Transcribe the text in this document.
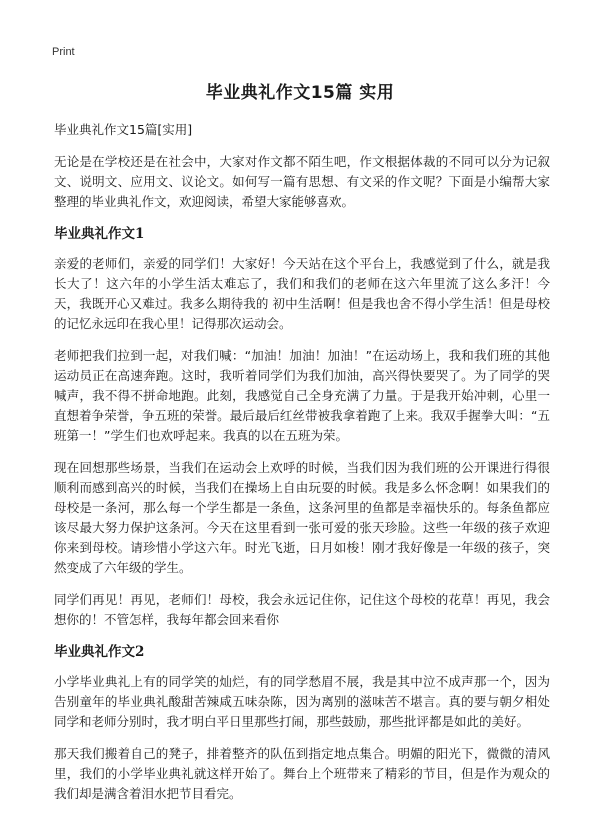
Print
毕业典礼作文15篇 实用
毕业典礼作文15篇[实用]

无论是在学校还是在社会中，大家对作文都不陌生吧，作文根据体裁的不同可以分为记叙文、说明文、应用文、议论文。如何写一篇有思想、有文采的作文呢？下面是小编帮大家整理的毕业典礼作文，欢迎阅读，希望大家能够喜欢。

毕业典礼作文1

亲爱的老师们，亲爱的同学们！大家好！今天站在这个平台上，我感觉到了什么，就是我长大了！这六年的小学生活太难忘了，我们和我们的老师在这六年里流了这么多汗！今天，我既开心又难过。我多么期待我的 初中生活啊！但是我也舍不得小学生活！但是母校的记忆永远印在我心里！记得那次运动会。

老师把我们拉到一起，对我们喊：“加油！加油！加油！”在运动场上，我和我们班的其他运动员正在高速奔跑。这时，我听着同学们为我们加油，高兴得快要哭了。为了同学的哭喊声，我不得不拼命地跑。此刻，我感觉自己全身充满了力量。于是我开始冲刺，心里一直想着争荣誉，争五班的荣誉。最后最后红丝带被我拿着跑了上来。我双手握拳大叫：“五班第一！”学生们也欢呼起来。我真的以在五班为荣。

现在回想那些场景，当我们在运动会上欢呼的时候，当我们因为我们班的公开课进行得很顺利而感到高兴的时候，当我们在操场上自由玩耍的时候。我是多么怀念啊！如果我们的母校是一条河，那么每一个学生都是一条鱼，这条河里的鱼都是幸福快乐的。每条鱼都应该尽最大努力保护这条河。今天在这里看到一张可爱的张天珍脸。这些一年级的孩子欢迎你来到母校。请珍惜小学这六年。时光飞逝，日月如梭！刚才我好像是一年级的孩子，突然变成了六年级的学生。

同学们再见！再见，老师们！母校，我会永远记住你，记住这个母校的花草！再见，我会想你的！不管怎样，我每年都会回来看你

毕业典礼作文2

小学毕业典礼上有的同学笑的灿烂，有的同学愁眉不展，我是其中泣不成声那一个，因为告别童年的毕业典礼酸甜苦辣咸五味杂陈，因为离别的滋味苦不堪言。真的要与朝夕相处同学和老师分别时，我才明白平日里那些打闹，那些鼓励，那些批评都是如此的美好。

那天我们搬着自己的凳子，排着整齐的队伍到指定地点集合。明媚的阳光下，微微的清风里，我们的小学毕业典礼就这样开始了。舞台上个班带来了精彩的节目，但是作为观众的我们却是满含着泪水把节目看完。
